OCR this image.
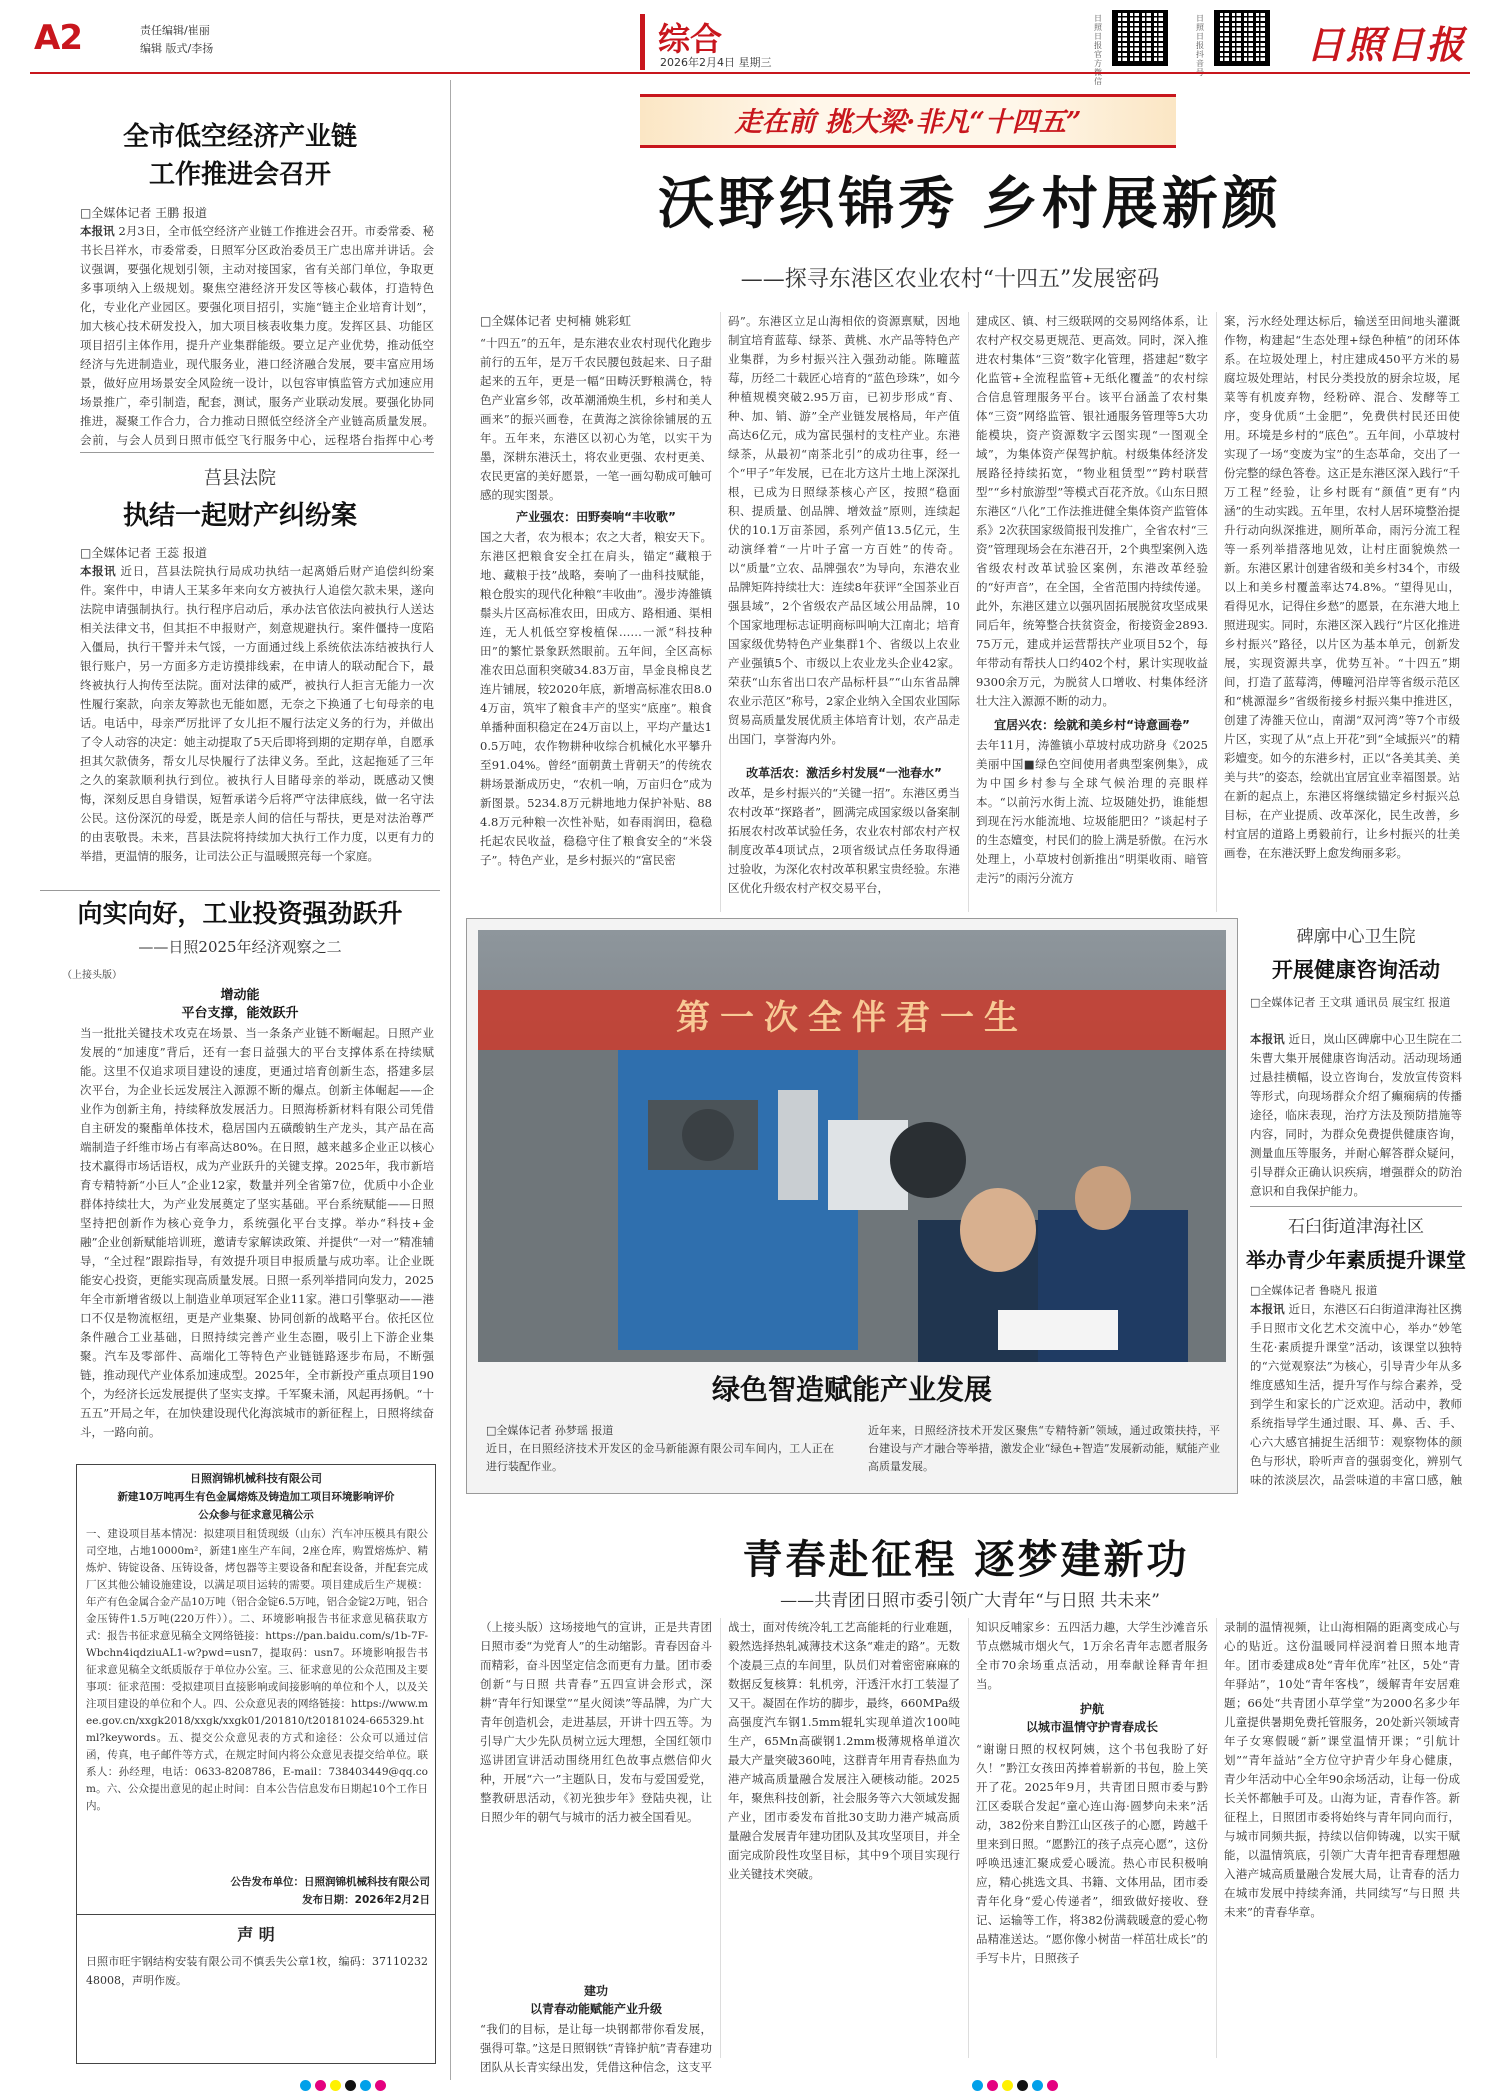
A2	责任编辑/崔丽
编辑 版式/李扬	综合
2026年2月4日 星期三
日照日报官方 信
日照日报抖音	日照日报
全市低空经济产业链
工作推进会召开
□全媒体记者 王鹏 报道
本报讯 2月3日，全市低空经济产业链工作推进会召开。市委常委、秘书长吕祥水，市委常委，日照军分区政治委员王广忠出席并讲话。会议强调，要强化规划引领，主动对接国家，省有关部门单位，争取更多事项纳入上级规划。聚焦空港经济开发区等核心载体，打造特色化，专业化产业园区。要强化项目招引，实施“链主企业培育计划”，加大核心技术研发投入，加大项目核表收集力度。发挥区县、功能区项目招引主体作用，提升产业集群能级。要立足产业优势，推动低空经济与先进制造业，现代服务业，港口经济融合发展，要丰富应用场景，做好应用场景安全风险统一设计，以包容审慎监管方式加速应用场景推广，牵引制造，配套，测试，服务产业联动发展。要强化协同推进，凝聚工作合力，合力推动日照低空经济全产业链高质量发展。会前，与会人员到日照市低空飞行服务中心，远程塔台指挥中心考
莒县法院
执结一起财产纠纷案
□全媒体记者 王蕊 报道
本报讯 近日，莒县法院执行局成功执结一起离婚后财产追偿纠纷案件。案件中，申请人王某多年来向女方被执行人追偿欠款未果，遂向法院申请强制执行。执行程序启动后，承办法官依法向被执行人送达相关法律文书，但其拒不申报财产，刻意规避执行。案件僵持一度陷入僵局，执行干警并未气馁，一方面通过线上系统依法冻结被执行人银行账户，另一方面多方走访摸排线索，在申请人的联动配合下，最终被执行人拘传至法院。面对法律的威严，被执行人拒言无能力一次性履行案款，向亲友筹款也无能如愿，无奈之下换通了七旬母亲的电话。电话中，母亲严厉批评了女儿拒不履行法定义务的行为，并做出了令人动容的决定：她主动提取了5天后即将到期的定期存单，自愿承担其欠款债务，帮女儿尽快履行了法律义务。至此，这起拖延了三年之久的案款顺利执行到位。被执行人目睹母亲的举动，既感动又懊悔，深刻反思自身错误，短暂承诺今后将严守法律底线，做一名守法公民。这份深沉的母爱，既是亲人间的信任与帮扶，更是对法治尊严的由衷敬畏。未来，莒县法院将持续加大执行工作力度，以更有力的举措，更温情的服务，让司法公正与温暖照亮每一个家庭。
向实向好，工业投资强劲跃升
——日照2025年经济观察之二
（上接头版）
增动能
平台支撑，能效跃升
当一批批关键技术攻克在场景、当一条条产业链不断崛起。日照产业发展的“加速度”背后，还有一套日益强大的平台支撑体系在持续赋能。这里不仅追求项目建设的速度，更通过培育创新生态，搭建多层次平台，为企业长远发展注入源源不断的爆点。创新主体崛起——企业作为创新主角，持续释放发展活力。日照海桥新材料有限公司凭借自主研发的聚酯单体技术，稳居国内五磺酸钠生产龙头，其产品在高端制造子纤维市场占有率高达80%。在日照，越来越多企业正以核心技术赢得市场话语权，成为产业跃升的关键支撑。2025年，我市新培育专精特新“小巨人”企业12家，数量并列全省第7位，优质中小企业群体持续壮大，为产业发展奠定了坚实基础。平台系统赋能——日照坚持把创新作为核心竞争力，系统强化平台支撑。举办“科技+金融”企业创新赋能培训班，邀请专家解读政策、并提供“一对一”精准辅导，“全过程”跟踪指导，有效提升项目申报质量与成功率。让企业既能安心投资，更能实现高质量发展。日照一系列举措同向发力，2025年全市新增省级以上制造业单项冠军企业11家。港口引擎驱动——港口不仅是物流枢纽，更是产业集聚、协同创新的战略平台。依托区位条件融合工业基础，日照持续完善产业生态圈，吸引上下游企业集聚。汽车及零部件、高端化工等特色产业链链路逐步布局，不断强链，推动现代产业体系加速成型。2025年，全市新投产重点项目190个，为经济长远发展提供了坚实支撑。千军聚未涌，风起再扬帆。“十五五”开局之年，在加快建设现代化海滨城市的新征程上，日照将续奋斗，一路向前。
日照润锦机械科技有限公司
新建10万吨再生有色金属熔炼及铸造加工项目环境影响评价
公众参与征求意见稿公示
一、建设项目基本情况：拟建项目租赁现级（山东）汽车冲压模具有限公司空地，占地10000m²，新建1座生产车间，2座仓库，购置熔炼炉、精炼炉、铸锭设备、压铸设备，烤包器等主要设备和配套设备，并配套完成厂区其他公辅设施建设，以满足项目运转的需要。项目建成后生产规模：年产有色金属合金产品10万吨（铝合金锭6.5万吨，铝合金锭2万吨，铝合金压铸件1.5万吨(220万件））。二、环境影响报告书征求意见稿获取方式：报告书征求意见稿全文网络链接：https://pan.baidu.com/s/1b-7F-Wbchn4iqdziuAL1-w?pwd=usn7，提取码：usn7。环境影响报告书征求意见稿全文纸质版存于单位办公室。三、征求意见的公众范围及主要事项：征求范围：受拟建项目直接影响或间接影响的单位和个人，以及关注项目建设的单位和个人。四、公众意见表的网络链接：https://www.mee.gov.cn/xxgk2018/xxgk/xxgk01/201810/t20181024-665329.html?keywords。五、提交公众意见表的方式和途径：公众可以通过信函，传真，电子邮件等方式，在规定时间内将公众意见表提交给单位。联系人：孙经理，电话：0633-8208786，E-mail：738403449@qq.com。六、公众提出意见的起止时间：自本公告信息发布日期起10个工作日内。
公告发布单位：日照润锦机械科技有限公司
发布日期：2026年2月2日
声 明
日照市旺宇钢结构安装有限公司不慎丢失公章1枚，编码：3711023248008，声明作废。
走在前 挑大梁·非凡“十四五”
沃野织锦秀 乡村展新颜
——探寻东港区农业农村“十四五”发展密码
□全媒体记者 史柯楠 姚彩虹
“十四五”的五年，是东港农业农村现代化跑步前行的五年，是万千农民腰包鼓起来、日子甜起来的五年，更是一幅“田畴沃野粮满仓，特色产业富乡邻，改革潮涌焕生机，乡村和美人画来”的振兴画卷，在黄海之滨徐徐铺展的五年。五年来，东港区以初心为笔，以实干为墨，深耕东港沃土，将农业更强、农村更美、农民更富的美好愿景，一笔一画勾勒成可触可感的现实图景。
产业强农：田野奏响“丰收歌”
国之大者，农为根本；农之大者，粮安天下。东港区把粮食安全扛在肩头，锚定“藏粮于地、藏粮于技”战略，奏响了一曲科技赋能，粮仓殷实的现代化种粮“丰收曲”。漫步涛雒镇鬃头片区高标准农田，田成方、路相通、渠相连，无人机低空穿梭植保……一派“科技种田”的繁忙景象跃然眼前。五年间，全区高标准农田总面积突破34.83万亩，旱金良棉良艺连片铺展，较2020年底，新增高标准农田8.04万亩，筑牢了粮食丰产的坚实“底座”。粮食单播种面积稳定在24万亩以上，平均产量达10.5万吨，农作物耕种收综合机械化水平攀升至91.04%。曾经“面朝黄土背朝天”的传统农耕场景渐成历史，“农机一响，万亩归仓”成为新图景。5234.8万元耕地地力保护补贴、884.8万元种粮一次性补贴，如春雨润田，稳稳托起农民收益，稳稳守住了粮食安全的“米袋子”。特色产业，是乡村振兴的“富民密
码”。东港区立足山海相依的资源禀赋，因地制宜培育蓝莓、绿茶、黄桃、水产品等特色产业集群，为乡村振兴注入强劲动能。陈疃蓝莓，历经二十载匠心培育的“蓝色珍珠”，如今种植规模突破2.95万亩，已初步形成“育、种、加、销、游”全产业链发展格局，年产值高达6亿元，成为富民强村的支柱产业。东港绿茶，从最初“南茶北引”的成功往事，经一个“甲子”年发展，已在北方这片土地上深深扎根，已成为日照绿茶核心产区，按照“稳面积、提质量、创品牌、增效益”原则，连续起伏的10.1万亩茶园，系列产值13.5亿元，生动演绎着“一片叶子富一方百姓”的传奇。以“质量”立农、品牌强农”为导向，东港农业品牌矩阵持续壮大：连续8年获评“全国茶业百强县域”，2个省级农产品区域公用品牌，10个国家地理标志证明商标叫响大江南北；培育国家级优势特色产业集群1个、省级以上农业产业强镇5个、市级以上农业龙头企业42家。荣获“山东省出口农产品标杆县”“山东省品牌农业示范区”称号，2家企业纳入全国农业国际贸易高质量发展优质主体培育计划，农产品走出国门，享誉海内外。
改革活农：激活乡村发展“一池春水”
改革，是乡村振兴的“关键一招”。东港区勇当农村改革“探路者”，圆满完成国家级以备案制拓展农村改革试验任务，农业农村部农村产权制度改革4项试点，2项省级试点任务取得通过验收，为深化农村改革积累宝贵经验。东港区优化升级农村产权交易平台，
建成区、镇、村三级联网的交易网络体系，让农村产权交易更规范、更高效。同时，深入推进农村集体“三资”数字化管理，搭建起“数字化监管+全流程监管+无纸化覆盖”的农村综合信息管理服务平台。该平台涵盖了农村集体“三资”网络监管、银社通服务管理等5大功能模块，资产资源数字云图实现“一图观全域”，为集体资产保驾护航。村级集体经济发展路径持续拓宽，“物业租赁型”“跨村联营型”“乡村旅游型”等模式百花齐放。《山东日照东港区“八化”工作法推进健全集体资产监管体系》2次获国家级简报刊发推广，全省农村“三资”管理现场会在东港召开，2个典型案例入选省级农村改革试验区案例，东港改革经验的“好声音”，在全国，全省范围内持续传递。此外，东港区建立以强巩固拓展脱贫攻坚成果同后年，统筹整合扶贫资金，衔接资金2893.75万元，建成并运营帮扶产业项目52个，每年带动有帮扶人口约402个村，累计实现收益9300余万元，为脱贫人口增收、村集体经济壮大注入源源不断的动力。
宜居兴农：绘就和美乡村“诗意画卷”
去年11月，涛雒镇小草坡村成功跻身《2025美丽中国■绿色空间使用者典型案例集》，成为中国乡村参与全球气候治理的亮眼样本。“以前污水街上流、垃圾随处扔，谁能想到现在污水能流地、垃圾能肥田？”谈起村子的生态嬗变，村民们的脸上满是骄傲。在污水处理上，小草坡村创新推出“明渠收雨、暗管走污”的雨污分流方
案，污水经处理达标后，输送至田间地头灌溉作物，构建起“生态处理+绿色种植”的闭环体系。在垃圾处理上，村庄建成450平方米的易腐垃圾处理站，村民分类投放的厨余垃圾，尾菜等有机废弃物，经粉碎、混合、发酵等工序，变身优质“土金肥”，免费供村民还田使用。环境是乡村的“底色”。五年间，小草坡村实现了一场“变废为宝”的生态革命，交出了一份完整的绿色答卷。这正是东港区深入践行“千万工程”经验，让乡村既有“颜值”更有“内涵”的生动实践。五年里，农村人居环境整治提升行动向纵深推进，厕所革命，雨污分流工程等一系列举措落地见效，让村庄面貌焕然一新。东港区累计创建省级和美乡村34个，市级以上和美乡村覆盖率达74.8%。“望得见山，看得见水，记得住乡愁”的愿景，在东港大地上照进现实。同时，东港区深入践行“片区化推进乡村振兴”路径，以片区为基本单元，创新发展，实现资源共享，优势互补。“十四五”期间，打造了蓝莓湾，傅疃河沿岸等省级示范区和“桃源湿乡”省级衔接乡村振兴集中推进区，创建了涛雒天位山，南湖“双河湾”等7个市级片区，实现了从“点上开花”到“全域振兴”的精彩嬗变。如今的东港乡村，正以“各美其美、美美与共”的姿态，绘就出宜居宜业幸福图景。站在新的起点上，东港区将继续锚定乡村振兴总目标，在产业提质、改革深化，民生改善，乡村宜居的道路上勇毅前行，让乡村振兴的壮美画卷，在东港沃野上愈发绚丽多彩。
第一次全伴君一生
绿色智造赋能产业发展
□全媒体记者 孙梦瑶 报道
近日，在日照经济技术开发区的金马新能源有限公司车间内，工人正在进行装配作业。
近年来，日照经济技术开发区聚焦“专精特新”领域，通过政策扶持，平台建设与产才融合等举措，激发企业“绿色+智造”发展新动能，赋能产业高质量发展。
碑廓中心卫生院
开展健康咨询活动
□全媒体记者 王文琪 通讯员 展宝红 报道
本报讯 近日，岚山区碑廓中心卫生院在二朱曹大集开展健康咨询活动。活动现场通过悬挂横幅，设立咨询台，发放宣传资料等形式，向现场群众介绍了癫痫病的传播途径，临床表现，治疗方法及预防措施等内容，同时，为群众免费提供健康咨询，测量血压等服务，并耐心解答群众疑问，引导群众正确认识疾病，增强群众的防治意识和自我保护能力。
石臼街道津海社区
举办青少年素质提升课堂
□全媒体记者 鲁晓凡 报道
本报讯 近日，东港区石臼街道津海社区携手日照市文化艺术交流中心，举办“妙笔生花·素质提升课堂”活动，该课堂以独特的“六觉观察法”为核心，引导青少年从多维度感知生活，提升写作与综合素养，受到学生和家长的广泛欢迎。活动中，教师系统指导学生通过眼、耳、鼻、舌、手、心六大感官捕捉生活细节：观察物体的颜色与形状，聆听声音的强弱变化，辨别气味的浓淡层次，品尝味道的丰富口感，触
青春赴征程 逐梦建新功
——共青团日照市委引领广大青年“与日照 共未来”
（上接头版）这场接地气的宣讲，正是共青团日照市委“为党育人”的生动缩影。青春因奋斗而精彩，奋斗因坚定信念而更有力量。团市委创新“与日照 共青春”五四宣讲会形式，深耕“青年行知课堂”“星火阅读”等品牌，为广大青年创造机会，走进基层，开讲十四五等。为引导广大少先队员树立远大理想，全国红领巾巡讲团宣讲活动围绕用红色故事点燃信仰火种，开展“六一”主题队日，发布与爱国爱党，整教研思活动，《初光独步年》登陆央视，让日照少年的朝气与城市的活力被全国看见。
战士，面对传统冷轧工艺高能耗的行业难题，毅然选择热轧减薄技术这条“难走的路”。无数个凌晨三点的车间里，队员们对着密密麻麻的数据反复核算：轧机旁，汗透汗水打工装湿了又干。凝固在作坊的脚步，最终，660MPa级高强度汽车钢1.5mm辊轧实现单道次100吨生产，65Mn高碳钢1.2mm极薄规格单道次最大产量突破360吨，这群青年用青春热血为港产城高质量融合发展注入硬核动能。2025年，聚焦科技创新，社会服务等六大领域发掘产业，团市委发布首批30支助力港产城高质量融合发展青年建功团队及其攻坚项目，并全面完成阶段性攻坚目标，其中9个项目实现行业关键技术突破。
建功
以青春动能赋能产业升级
“我们的目标，是让每一块钢都带你看发展，强得可靠。”这是日照钢铁“青锋护航”青春建功团队从长青实绿出发，凭借这种信念，这支平
知识反哺家乡：五四活力趣，大学生沙滩音乐节点燃城市烟火气，1万余名青年志愿者服务全市70余场重点活动，用奉献诠释青年担当。
护航
以城市温情守护青春成长
“谢谢日照的权权阿姨，这个书包我盼了好久！”黔江女孩田芮捧着崭新的书包，脸上笑开了花。2025年9月，共青团日照市委与黔江区委联合发起“童心连山海·圆梦向未来”活动，382份来自黔江山区孩子的心愿，跨越千里来到日照。“愿黔江的孩子点亮心愿”，这份呼唤迅速汇聚成爱心暖流。热心市民积极响应，精心挑选文具、书籍、文体用品，团市委青年化身“爱心传递者”，细致做好接收、登记、运输等工作，将382份满载暖意的爱心物品精准送达。“愿你像小树苗一样茁壮成长”的手写卡片，日照孩子
录制的温情视频，让山海相隔的距离变成心与心的贴近。这份温暖同样浸润着日照本地青年。团市委建成8处“青年优库”社区，5处“青年驿站”，10处“青年客栈”，缓解青年安居难题；66处“共青团小草学堂”为2000名多少年儿童提供暑期免费托管服务，20处新兴领域青年子女寒假暖“新”课堂温情开课；“引航计划”“青年益站”全方位守护青少年身心健康，青少年活动中心全年90余场活动，让每一份成长关怀都触手可及。山海为证，青春作答。新征程上，日照团市委将始终与青年同向而行，与城市同频共振，持续以信仰铸魂，以实干赋能，以温情筑底，引领广大青年把青春理想融入港产城高质量融合发展大局，让青春的活力在城市发展中持续奔涌，共同续写“与日照 共未来”的青春华章。
